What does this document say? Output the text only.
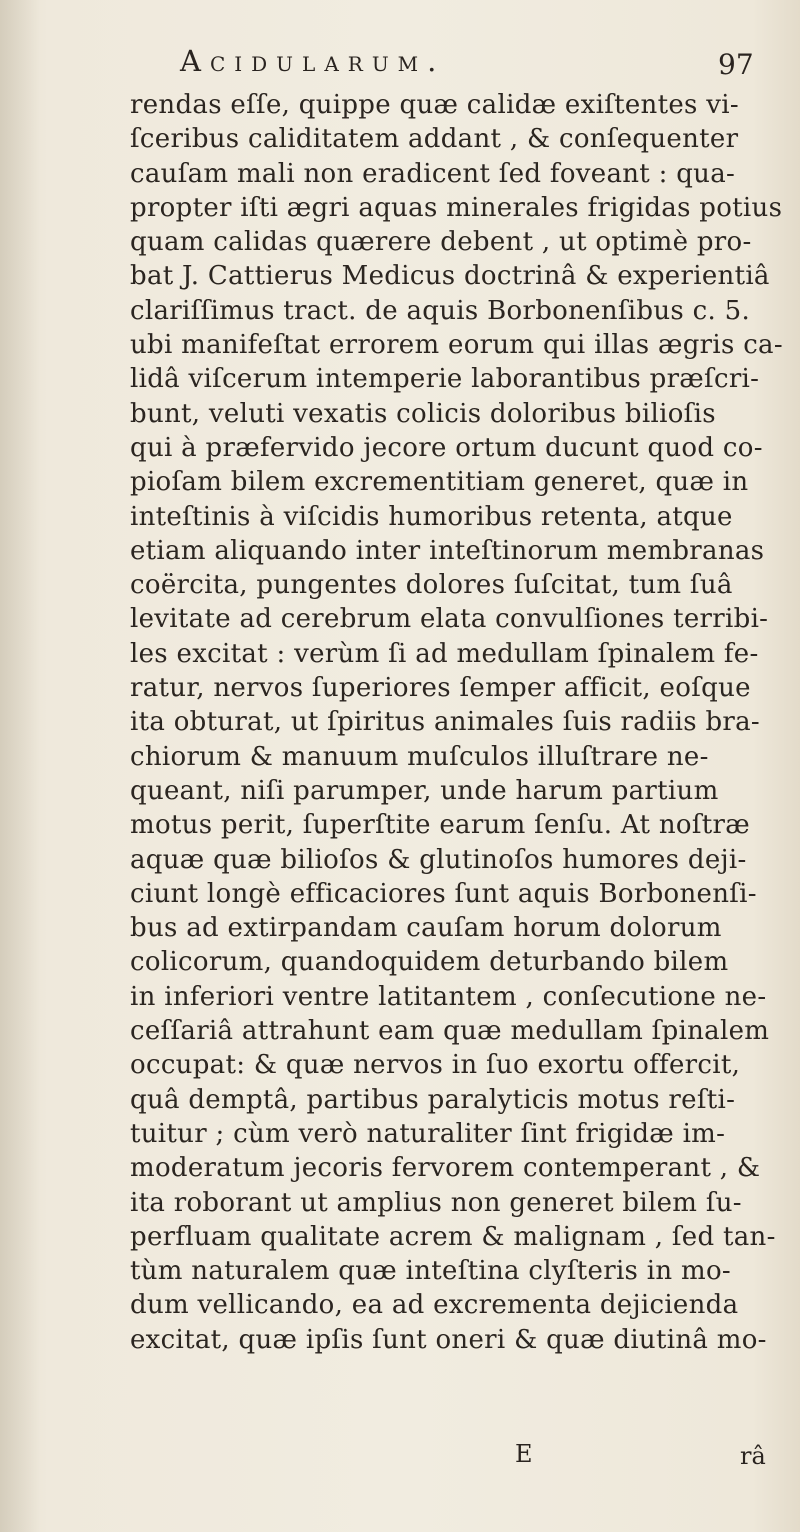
Acidularum.	97
rendas eſſe, quippe quæ calidæ exiſtentes vi-
ſceribus caliditatem addant , & conſequenter
cauſam mali non eradicent ſed foveant : qua-
propter iſti ægri aquas minerales frigidas potius
quam calidas quærere debent , ut optimè pro-
bat J. Cattierus Medicus doctrinâ & experientiâ
clariſſimus tract. de aquis Borbonenſibus c. 5.
ubi manifeſtat errorem eorum qui illas ægris ca-
lidâ viſcerum intemperie laborantibus præſcri-
bunt, veluti vexatis colicis doloribus bilioſis
qui à præfervido jecore ortum ducunt quod co-
pioſam bilem excrementitiam generet, quæ in
inteſtinis à viſcidis humoribus retenta, atque
etiam aliquando inter inteſtinorum membranas
coërcita, pungentes dolores ſuſcitat, tum ſuâ
levitate ad cerebrum elata convulſiones terribi-
les excitat : verùm ſi ad medullam ſpinalem fe-
ratur, nervos ſuperiores ſemper afficit, eoſque
ita obturat, ut ſpiritus animales ſuis radiis bra-
chiorum & manuum muſculos illuſtrare ne-
queant, niſi parumper, unde harum partium
motus perit, ſuperſtite earum ſenſu. At noſtræ
aquæ quæ bilioſos & glutinoſos humores deji-
ciunt longè efficaciores ſunt aquis Borbonenſi-
bus ad extirpandam cauſam horum dolorum
colicorum, quandoquidem deturbando bilem
in inferiori ventre latitantem , conſecutione ne-
ceſſariâ attrahunt eam quæ medullam ſpinalem
occupat: & quæ nervos in ſuo exortu offercit,
quâ demptâ, partibus paralyticis motus reſti-
tuitur ; cùm verò naturaliter ſint frigidæ im-
moderatum jecoris fervorem contemperant , &
ita roborant ut amplius non generet bilem ſu-
perfluam qualitate acrem & malignam , ſed tan-
tùm naturalem quæ inteſtina clyſteris in mo-
dum vellicando, ea ad excrementa dejicienda
excitat, quæ ipſis ſunt oneri & quæ diutinâ mo-
E	râ
